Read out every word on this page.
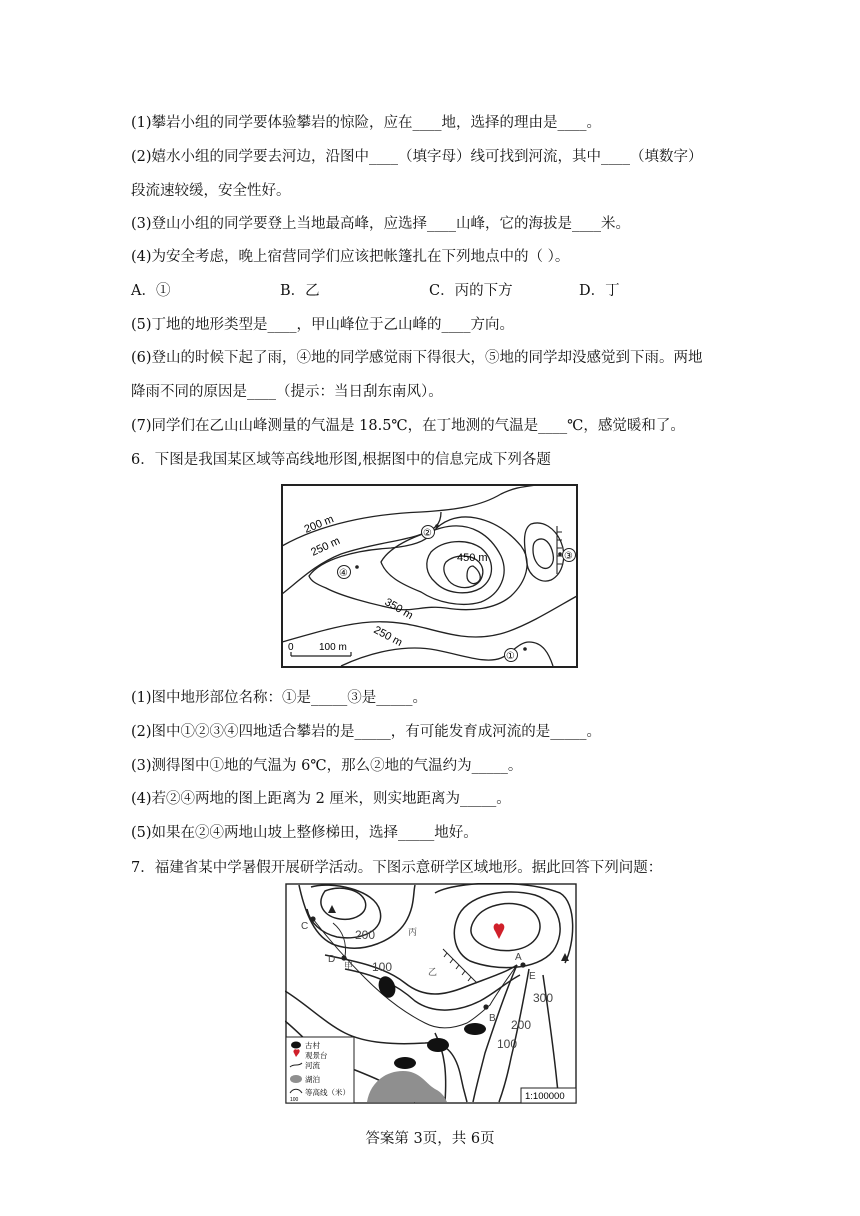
(1)攀岩小组的同学要体验攀岩的惊险，应在____地，选择的理由是____。
(2)嬉水小组的同学要去河边，沿图中____（填字母）线可找到河流，其中____（填数字）
段流速较缓，安全性好。
(3)登山小组的同学要登上当地最高峰，应选择____山峰，它的海拔是____米。
(4)为安全考虑，晚上宿营同学们应该把帐篷扎在下列地点中的（ ）。
A．①	B．乙	C．丙的下方	D．丁
(5)丁地的地形类型是____，甲山峰位于乙山峰的____方向。
(6)登山的时候下起了雨，④地的同学感觉雨下得很大，⑤地的同学却没感觉到下雨。两地
降雨不同的原因是____（提示：当日刮东南风）。
(7)同学们在乙山山峰测量的气温是 18.5℃，在丁地测的气温是____℃，感觉暖和了。
6．下图是我国某区域等高线地形图,根据图中的信息完成下列各题
200 m
250 m	450 m
350 m
250 m
②
③
④
①
0	100 m
(1)图中地形部位名称：①是_____③是_____。
(2)图中①②③④四地适合攀岩的是_____，有可能发育成河流的是_____。
(3)测得图中①地的气温为 6℃，那么②地的气温约为_____。
(4)若②④两地的图上距离为 2 厘米，则实地距离为_____。
(5)如果在②④两地山坡上整修梯田，选择_____地好。
7．福建省某中学暑假开展研学活动。下图示意研学区域地形。据此回答下列问题：
C
D	A
E
B
丙
乙
甲
200
100
300
200
100
古村
观景台
河流
湖泊
等高线（米）
100	1:100000
答案第 3页，共 6页
